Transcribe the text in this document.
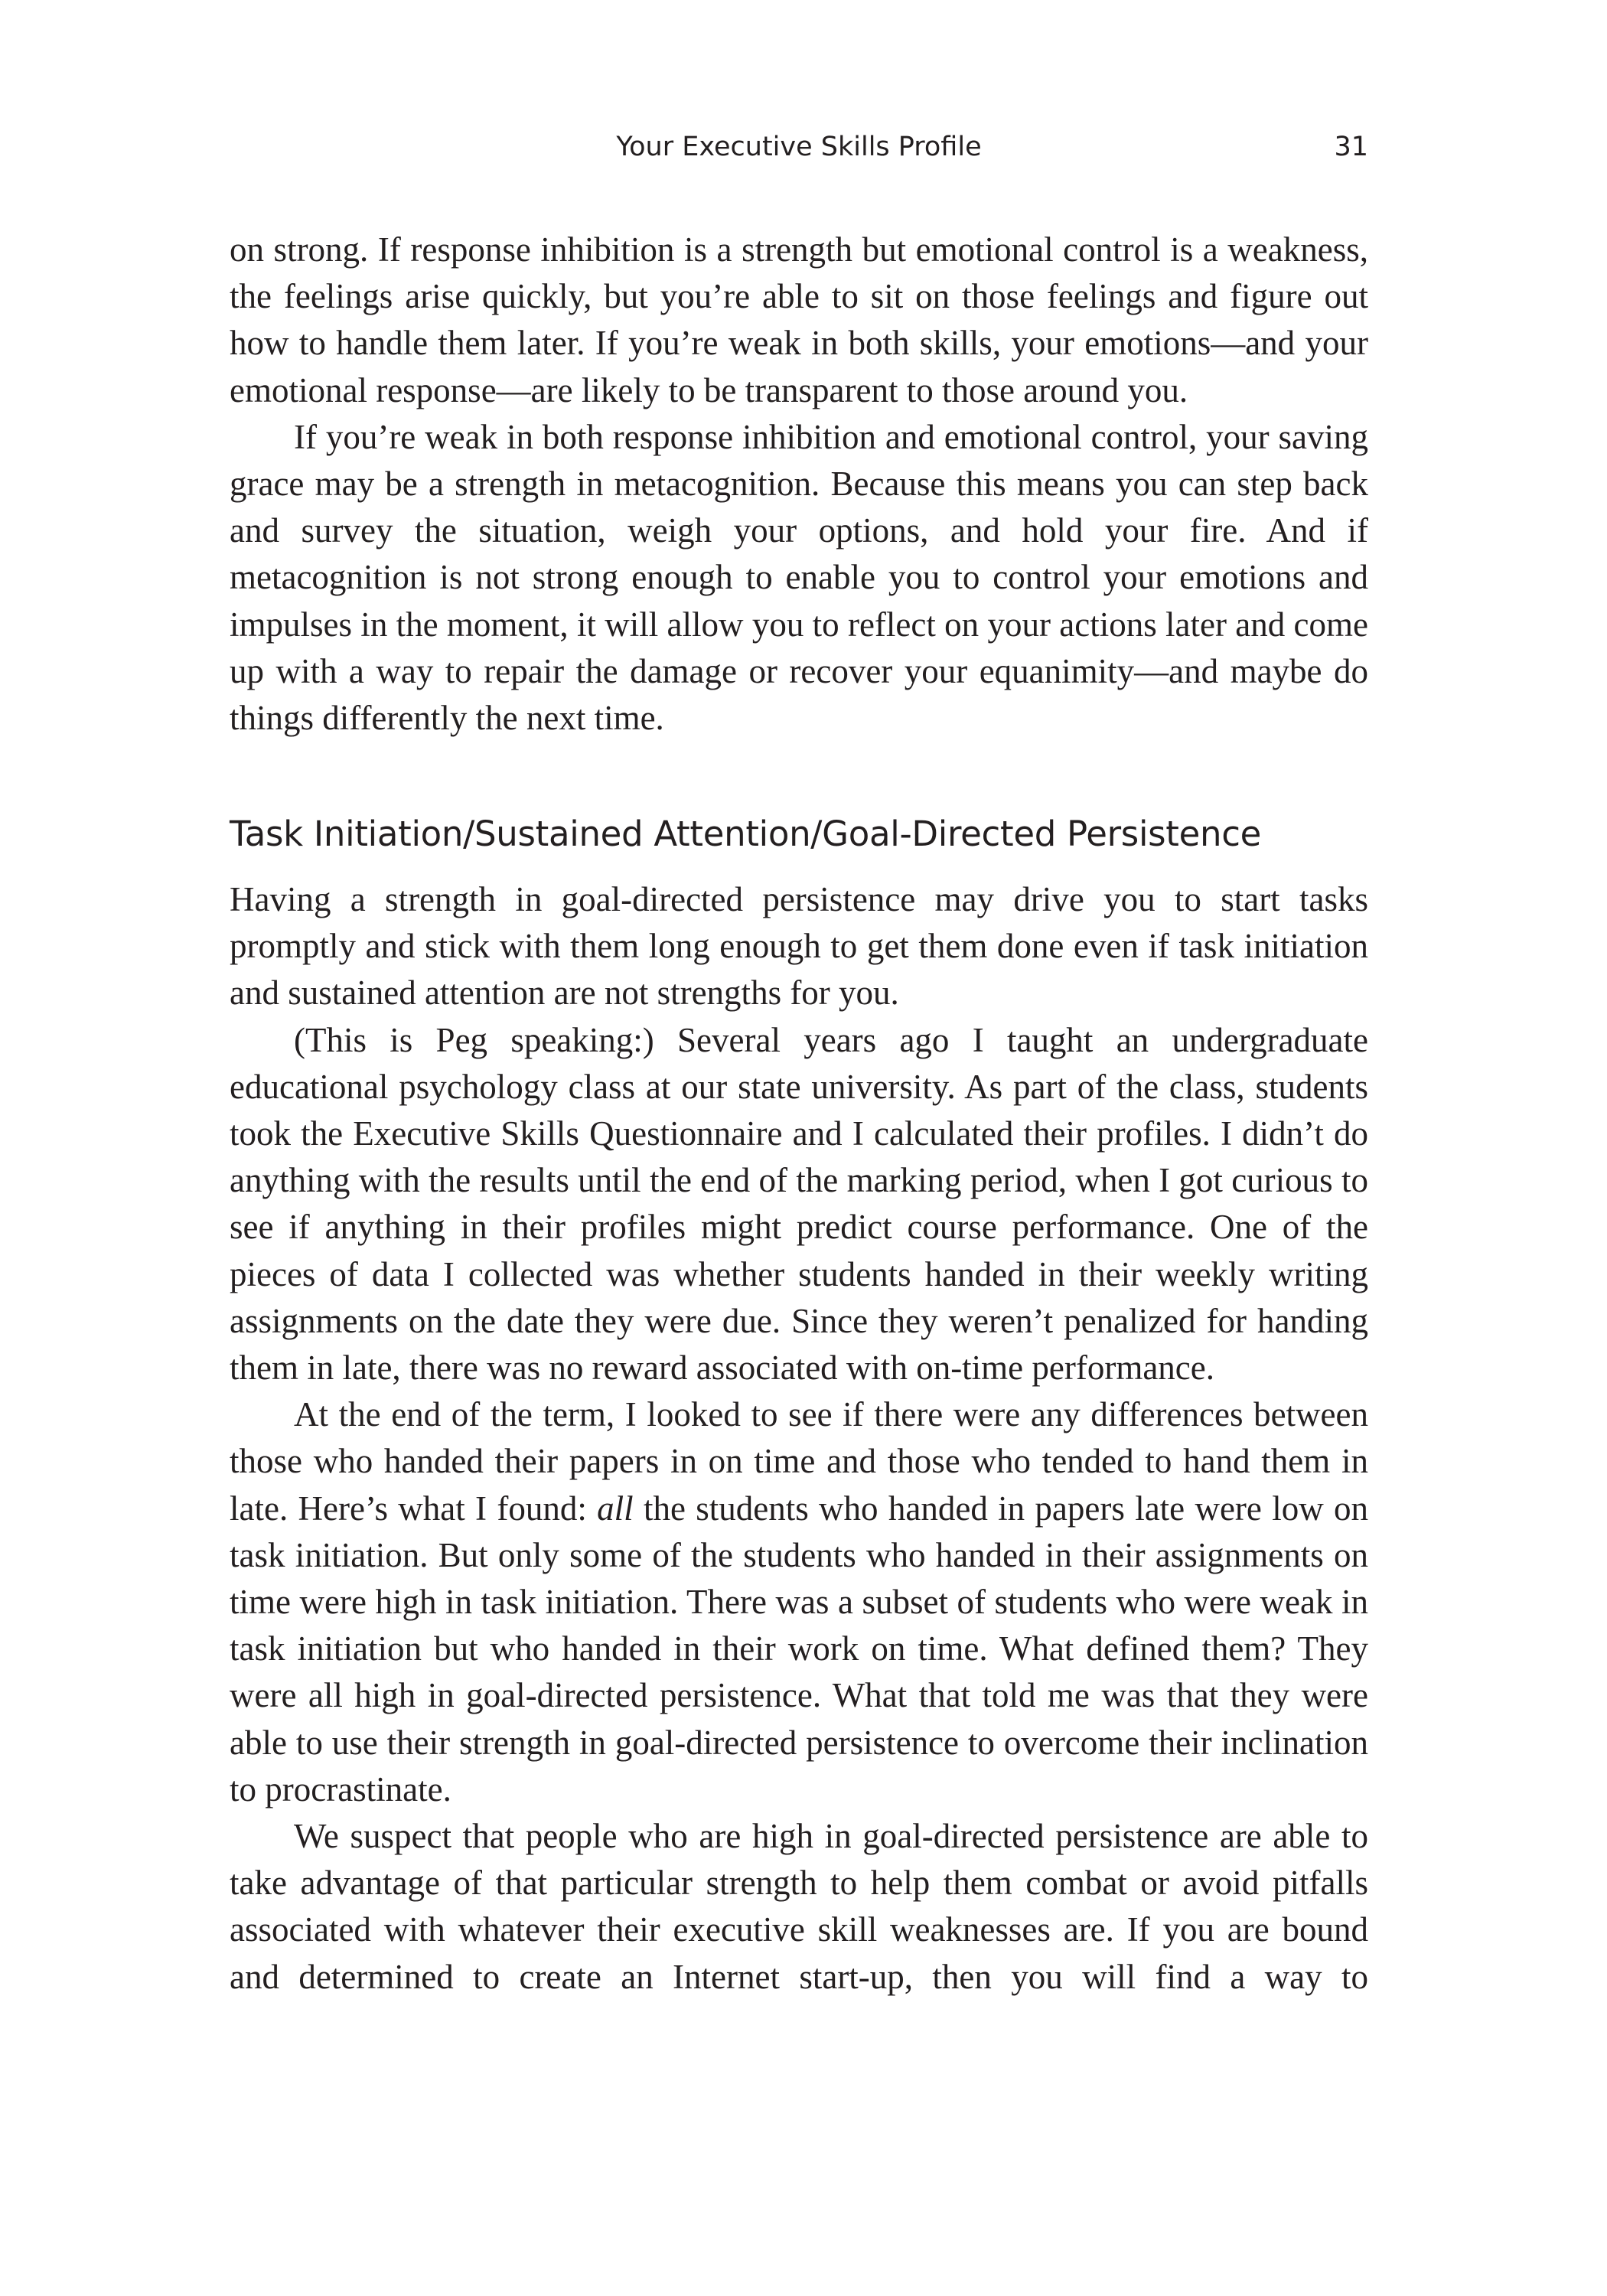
Your Executive Skills Profile	31

on strong. If response inhibition is a strength but emotional control is a weakness, the feelings arise quickly, but you’re able to sit on those feelings and figure out how to handle them later. If you’re weak in both skills, your emotions—and your emotional response—are likely to be transparent to those around you.

If you’re weak in both response inhibition and emotional control, your saving grace may be a strength in metacognition. Because this means you can step back and survey the situation, weigh your options, and hold your fire. And if metacognition is not strong enough to enable you to control your emotions and impulses in the moment, it will allow you to reflect on your actions later and come up with a way to repair the damage or recover your equanimity—and maybe do things differently the next time.

Task Initiation/Sustained Attention/Goal-Directed Persistence

Having a strength in goal-directed persistence may drive you to start tasks promptly and stick with them long enough to get them done even if task initiation and sustained attention are not strengths for you.

(This is Peg speaking:) Several years ago I taught an undergraduate educational psychology class at our state university. As part of the class, students took the Executive Skills Questionnaire and I calculated their profiles. I didn’t do anything with the results until the end of the marking period, when I got curious to see if anything in their profiles might predict course performance. One of the pieces of data I collected was whether students handed in their weekly writing assignments on the date they were due. Since they weren’t penalized for handing them in late, there was no reward associated with on-time performance.

At the end of the term, I looked to see if there were any differences between those who handed their papers in on time and those who tended to hand them in late. Here’s what I found: all the students who handed in papers late were low on task initiation. But only some of the students who handed in their assignments on time were high in task initiation. There was a subset of students who were weak in task initiation but who handed in their work on time. What defined them? They were all high in goal-directed persistence. What that told me was that they were able to use their strength in goal-directed persistence to overcome their inclination to procrastinate.

We suspect that people who are high in goal-directed persistence are able to take advantage of that particular strength to help them combat or avoid pitfalls associated with whatever their executive skill weaknesses are. If you are bound and determined to create an Internet start-up, then you will find a way to
